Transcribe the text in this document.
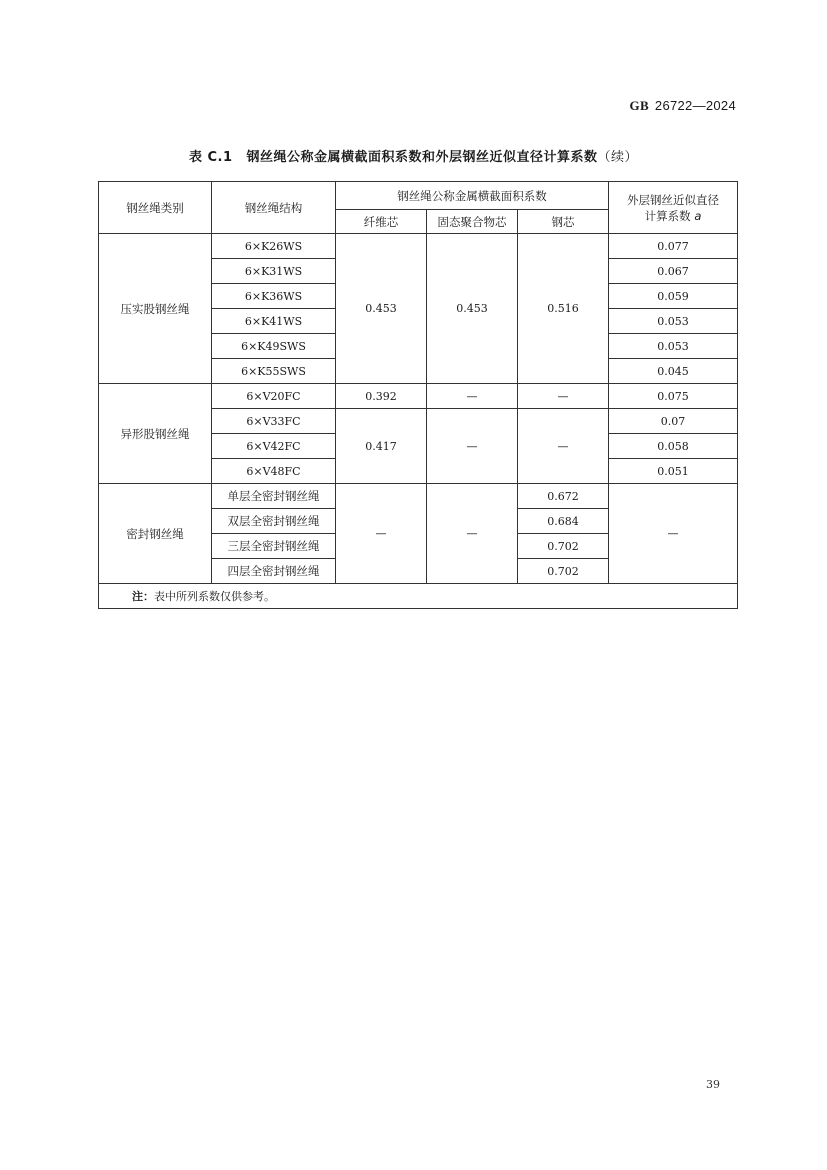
GB 26722—2024
表 C.1 钢丝绳公称金属横截面积系数和外层钢丝近似直径计算系数（续）
钢丝绳类别	钢丝绳结构	钢丝绳公称金属横截面积系数			外层钢丝近似直径
计算系数 a

		纤维芯	固态聚合物芯	钢芯	
压实股钢丝绳	6×K26WS	0.453	0.453	0.516	0.077
	6×K31WS				0.067
	6×K36WS				0.059
	6×K41WS				0.053
	6×K49SWS				0.053
	6×K55SWS				0.045
异形股钢丝绳	6×V20FC	0.392	—	—	0.075
	6×V33FC	0.417	—	—	0.07
	6×V42FC				0.058
	6×V48FC				0.051
密封钢丝绳	单层全密封钢丝绳	—	—	0.672	—
	双层全密封钢丝绳			0.684	
	三层全密封钢丝绳			0.702	
	四层全密封钢丝绳			0.702	
注：表中所列系数仅供参考。					
39
